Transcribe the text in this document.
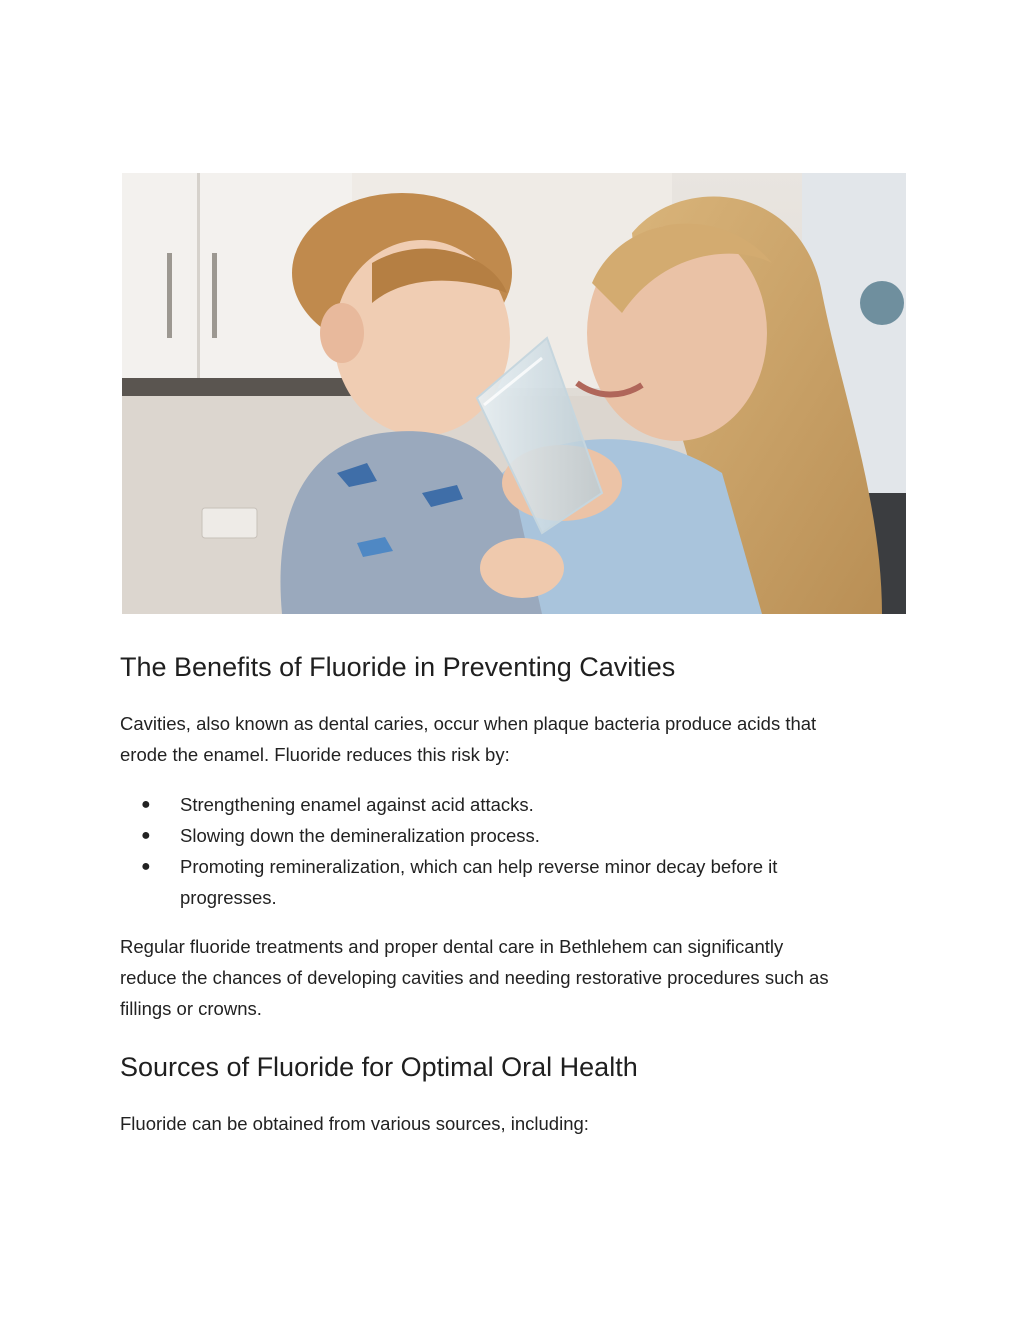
The Benefits of Fluoride in Preventing Cavities

Cavities, also known as dental caries, occur when plaque bacteria produce acids that
erode the enamel. Fluoride reduces this risk by:

● Strengthening enamel against acid attacks.
● Slowing down the demineralization process.
● Promoting remineralization, which can help reverse minor decay before it
progresses.

Regular fluoride treatments and proper dental care in Bethlehem can significantly
reduce the chances of developing cavities and needing restorative procedures such as
fillings or crowns.

Sources of Fluoride for Optimal Oral Health

Fluoride can be obtained from various sources, including:
